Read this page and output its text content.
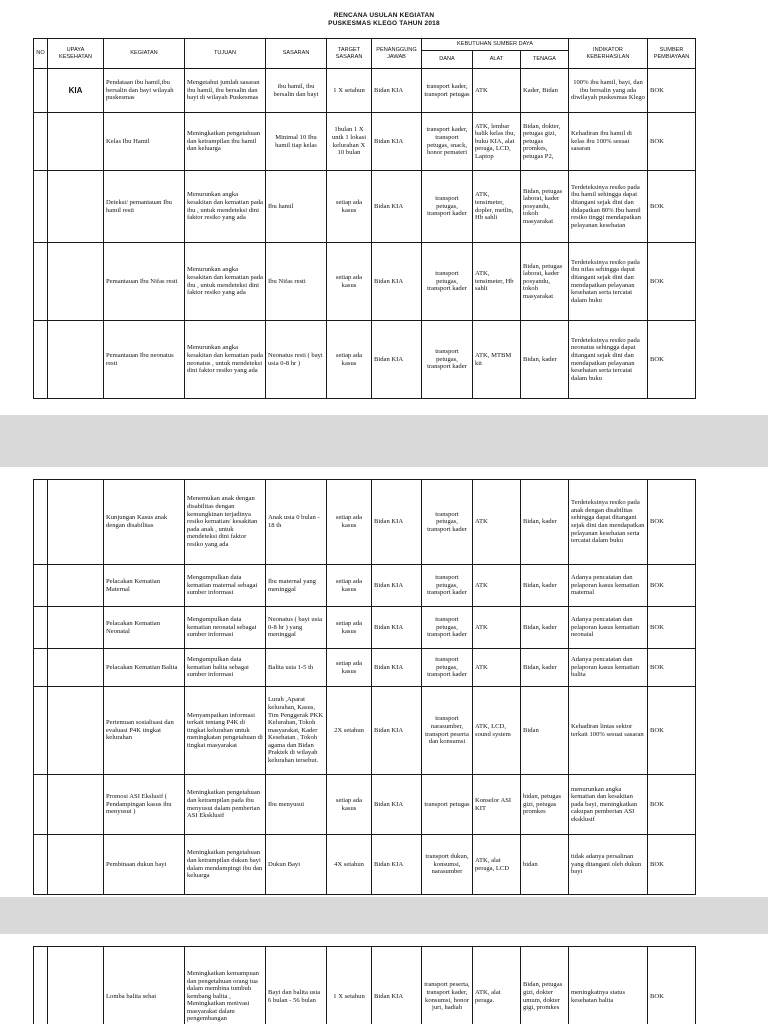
RENCANA USULAN KEGIATAN
PUSKESMAS KLEGO TAHUN 2018
NO	UPAYA KESEHATAN	KEGIATAN	TUJUAN	SASARAN	TARGET SASARAN	PENANGGUNG JAWAB	KEBUTUHAN SUMBER DAYA			INDIKATOR KEBERHASILAN	SUMBER PEMBIAYAAN
							DANA	ALAT	TENAGA		
	KIA	Pendataan ibu hamil,ibu bersalin dan bayi wilayah puskesmas	Mengetahui jumlah sasaran ibu hamil, ibu bersalin dan bayi di wilayah Puskesmas	ibu hamil, ibu bersalin dan bayi	1 X setahun	Bidan KIA	transport kader, transport petugas	ATK	Kader, Bidan	100% ibu hamil, bayi, dan ibu bersalin yang ada diwilayah puskesmas Klego	BOK
		Kelas Ibu Hamil	Meningkatkan pengetahuan dan ketrampilan ibu hamil dan keluarga	Minimal 10 Ibu hamil tiap kelas	1bulan 1 X untk 1 lokasi kelurahan X 10 bulan	Bidan KIA	transport kader, transport petugas, snack, honor pemateri	ATK, lembar balik kelas ibu, buku KIA, alat peraga, LCD, Laptop	Bidan, dokter, petugas gizi, petugas promkes, petugas P2,	Kehadiran ibu hamil di kelas ibu 100% sesuai sasaran	BOK
		Deteksi/ pemantauan Ibu hamil resti	Menurunkan angka kesakitan dan kematian pada ibu , untuk mendeteksi dini faktor resiko yang ada	Ibu hamil	setiap ada kasus	Bidan KIA	transport petugas, transport kader	ATK, tensimeter, dopler, metlin, Hb sahli	Bidan, petugas laborat, kader posyandu, tokoh masyarakat	Terdeteksinya resiko pada ibu hamil sehingga dapat ditangani sejak dini dan didapatkan 80% Ibu hamil resiko tinggi mendapatkan pelayanan kesehatan	BOK
		Pemantauan Ibu Nifas resti	Menurunkan angka kesakitan dan kematian pada ibu , untuk mendeteksi dini faktor resiko yang ada	Ibu Nifas resti	setiap ada kasus	Bidan KIA	transport petugas, transport kader	ATK, tensimeter, Hb sahli	Bidan, petugas laborat, kader posyandu, tokoh masyarakat	Terdeteksinya resiko pada ibu nifas sehingga dapat ditangani sejak dini dan mendapatkan pelayanan kesehatan serta tercatat dalam buku	BOK
		Pemantauan Ibu neonatus resti	Menurunkan angka kesakitan dan kematian pada neonatus , untuk mendeteksi dini faktor resiko yang ada	Neonatus resti ( bayi usia 0-8 hr )	setiap ada kasus	Bidan KIA	transport petugas, transport kader	ATK, MTBM kit	Bidan, kader	Terdeteksinya resiko pada neonatus sehingga dapat ditangani sejak dini dan mendapatkan pelayanan kesehatan serta tercatat dalam buku	BOK
		Kunjungan Kasus anak dengan disabilitas	Menemukan anak dengan disabilitas dengan kemungkinan terjadinya resiko kematian/ kesakitan pada anak , untuk mendeteksi dini faktor resiko yang ada	Anak usia 0 bulan - 18 th	setiap ada kasus	Bidan KIA	transport petugas, transport kader	ATK	Bidan, kader	Terdeteksinya resiko pada anak dengan disabilitas sehingga dapat ditangani sejak dini dan mendapatkan pelayanan kesehatan serta tercatat dalam buku	BOK
		Pelacakan Kematian Maternal	Mengumpulkan data kematian maternal sebagai sumber informasi	Ibu maternal yang meninggal	setiap ada kasus	Bidan KIA	transport petugas, transport kader	ATK	Bidan, kader	Adanya pencatatan dan pelaporan kasus kematian maternal	BOK
		Pelacakan Kematian Neonatal	Mengumpulkan data kematian neonatal sebagai sumber informasi	Neonatus ( bayi usia 0-8 hr ) yang meninggal	setiap ada kasus	Bidan KIA	transport petugas, transport kader	ATK	Bidan, kader	Adanya pencatatan dan pelaporan kasus kematian neonatal	BOK
		Pelacakan Kematian Balita	Mengumpulkan data kematian balita sebagai sumber informasi	Balita usia 1-5 th	setiap ada kasus	Bidan KIA	transport petugas, transport kader	ATK	Bidan, kader	Adanya pencatatan dan pelaporan kasus kematian balita	BOK
		Pertemuan sosialisasi dan evaluasi P4K tingkat kelurahan	Menyampaikan informasi terkait tentang P4K di tingkat kelurahan untuk meningkatan pengetahuan di tingkat masyarakat	Lurah ,Aparat kelurahan, Kasus, Tim Penggerak PKK Kelurahan, Tokoh masyarakat, Kader Kesehatan , Tokoh agama dan Bidan Praktek di wilayah kelurahan tersebut.	2X setahun	Bidan KIA	transport narasumber, transport peserta dan konsumsi	ATK, LCD, sound system	Bidan	Kehadiran lintas sektor terkait 100% sesuai sasaran	BOK
		Promosi ASI Ekslusif ( Pendampingan kasus ibu menyusui )	Meningkatkan pengetahuan dan ketrampilan pada ibu menyusui dalam pemberian ASI Eksklusif	Ibu menyusui	setiap ada kasus	Bidan KIA	transport petugas	Konselor ASI KIT	bidan, petugas gizi, petugas promkes	menurunkan angka kematian dan kesakitan pada bayi, meningkatkan cakupan pemberian ASI eksklusif	BOK
		Pembinaan dukun bayi	Meningkatkan pengetahuan dan ketrampilan dukun bayi dalam mendampingi ibu dan keluarga	Dukun Bayi	4X setahun	Bidan KIA	transport dukun, konsumsi, narasumber	ATK, alat peraga, LCD	bidan	tidak adanya persalinan yang ditangani oleh dukun bayi	BOK
		Lomba balita sehat	Meningkatkan kemampuan dan pengetahuan orang tua dalam membina tumbuh kembang balita , Meningkatkan motivasi masyarakat dalam pengembangan	Bayi dan balita usia 6 bulan - 56 bulan	1 X setahun	Bidan KIA	transport peserta, transport kader, konsumsi, honor juri, hadiah	ATK, alat peraga.	Bidan, petugas gizi, dokter umum, dokter gigi, promkes	meningkatnya status kesehatan balita	BOK
